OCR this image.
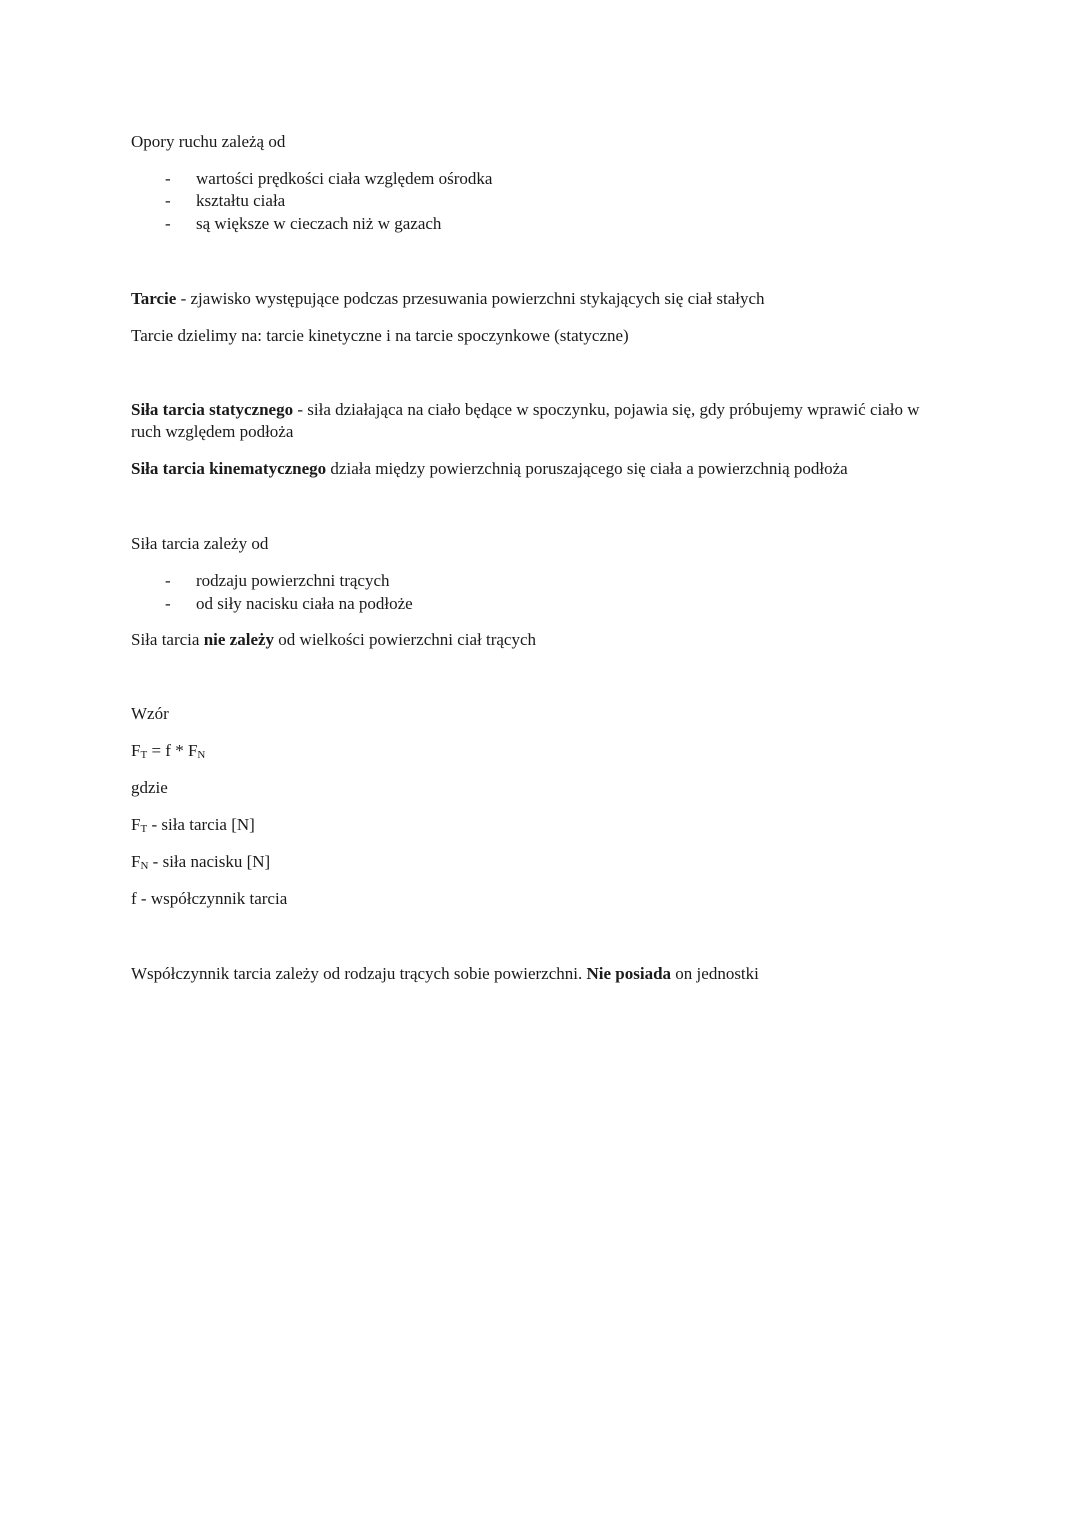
Opory ruchu zależą od
- wartości prędkości ciała względem ośrodka
- kształtu ciała
- są większe w cieczach niż w gazach
Tarcie - zjawisko występujące podczas przesuwania powierzchni stykających się ciał stałych
Tarcie dzielimy na: tarcie kinetyczne i na tarcie spoczynkowe (statyczne)
Siła tarcia statycznego - siła działająca na ciało będące w spoczynku, pojawia się, gdy próbujemy wprawić ciało w ruch względem podłoża
Siła tarcia kinematycznego działa między powierzchnią poruszającego się ciała a powierzchnią podłoża
Siła tarcia zależy od
- rodzaju powierzchni trących
- od siły nacisku ciała na podłoże
Siła tarcia nie zależy od wielkości powierzchni ciał trących
Wzór
$F_T = f * F_N$
gdzie
$F_T$ - siła tarcia [N]
$F_N$ - siła nacisku [N]
f - współczynnik tarcia
Współczynnik tarcia zależy od rodzaju trących sobie powierzchni. Nie posiada on jednostki
